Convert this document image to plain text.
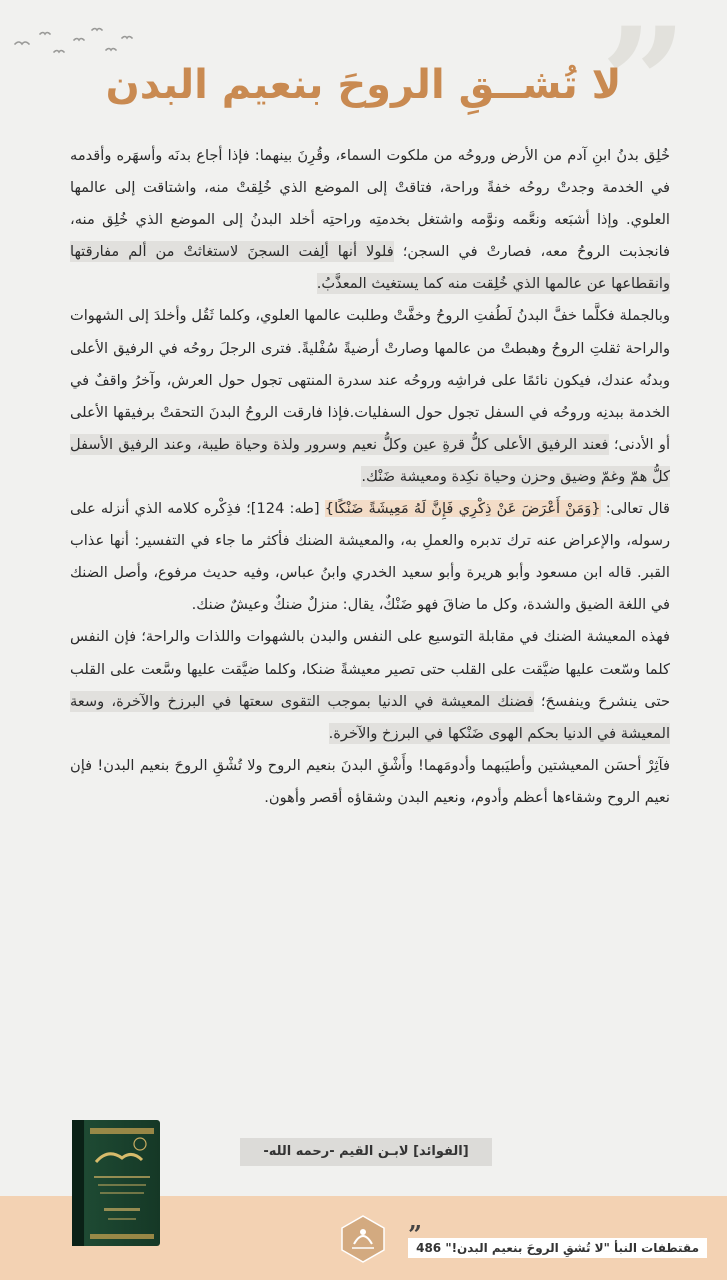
”
لا تُشــقِ الروحَ بنعيم البدن

خُلِق بدنُ ابنِ آدم من الأرض وروحُه من ملكوت السماء، وقُرِنَ بينهما: فإذا أجاع بدنَه وأسهَره وأقدمه في الخدمة وجدتْ روحُه خفةً وراحة، فتاقتْ إلى الموضع الذي خُلِقتْ منه، واشتاقت إلى عالمها العلوي. وإذا أشبَعه ونعَّمه ونوَّمه واشتغل بخدمتِه وراحتِه أخلد البدنُ إلى الموضع الذي خُلِق منه، فانجذبت الروحُ معه، فصارتْ في السجن؛ فلولا أنها ألِفت السجنَ لاستغاثتْ من ألم مفارقتها وانقطاعها عن عالمها الذي خُلِقت منه كما يستغيث المعذَّبُ.

وبالجملة فكلَّما خفَّ البدنُ لَطُفتِ الروحُ وخفَّتْ وطلبت عالمها العلوي، وكلما ثَقُل وأخلدَ إلى الشهوات والراحة ثقلتِ الروحُ وهبطتْ من عالمها وصارتْ أرضيةً سُفْليةً. فترى الرجلَ روحُه في الرفيق الأعلى وبدنُه عندك، فيكون نائمًا على فراشِه وروحُه عند سدرة المنتهى تجول حول العرش، وآخرُ واقفٌ في الخدمة ببدنِه وروحُه في السفل تجول حول السفليات.فإذا فارقت الروحُ البدنَ التحقتْ برفيقها الأعلى أو الأدنى؛ فعند الرفيق الأعلى كلُّ قرةِ عين وكلُّ نعيم وسرور ولذة وحياة طيبة، وعند الرفيق الأسفل كلُّ همّ وغمّ وضيق وحزن وحياة نكِدة ومعيشة ضَنْك.

قال تعالى: {وَمَنْ أَعْرَضَ عَنْ ذِكْرِي فَإِنَّ لَهُ مَعِيشَةً ضَنْكًا} [طه: 124]؛ فذِكْره كلامه الذي أنزله على رسوله، والإعراض عنه ترك تدبره والعملِ به، والمعيشة الضنك فأكثر ما جاء في التفسير: أنها عذاب القبر. قاله ابن مسعود وأبو هريرة وأبو سعيد الخدري وابنُ عباس، وفيه حديث مرفوع، وأصل الضنك في اللغة الضيق والشدة، وكل ما ضاقَ فهو ضَنْكٌ، يقال: منزلٌ ضنكٌ وعيشٌ ضنك.

فهذه المعيشة الضنك في مقابلة التوسيع على النفس والبدن بالشهوات واللذات والراحة؛ فإن النفس كلما وسّعت عليها ضيَّقت على القلب حتى تصير معيشةً ضنكا، وكلما ضيَّقت عليها وسَّعت على القلب حتى ينشرحَ وينفسحَ؛ فضنك المعيشة في الدنيا بموجب التقوى سعتها في البرزخ والآخرة، وسعة المعيشة في الدنيا بحكم الهوى ضَنْكها في البرزخ والآخرة.

فآثِرْ أحسَن المعيشتين وأطيَبهما وأدومَهما! وأَشْقِ البدنَ بنعيم الروح ولا تُشْقِ الروحَ بنعيم البدن! فإن نعيم الروح وشقاءها أعظم وأدوم، ونعيم البدن وشقاؤه أقصر وأهون.

[الفوائد] لابـن القيم -رحمه الله-
”
مقتطفات النبأ "لا تُشقِ الروحَ بنعيم البدن!" 486
